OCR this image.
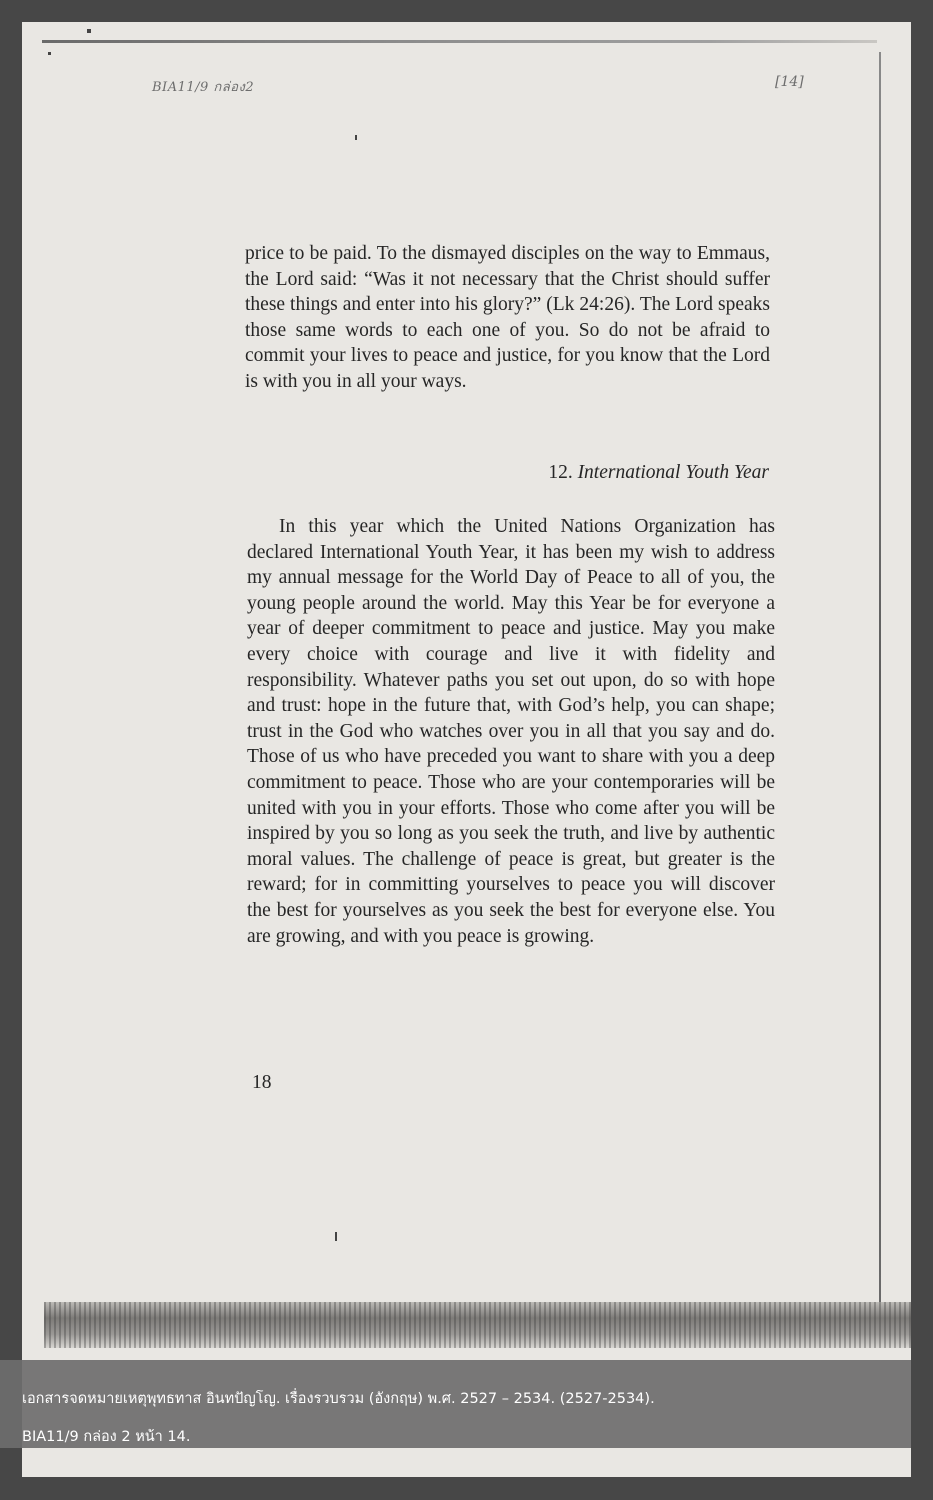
BIA11/9 กล่อง2	[14]

price to be paid. To the dismayed disciples on the way to Emmaus, the Lord said: “Was it not necessary that the Christ should suffer these things and enter into his glory?” (Lk 24:26). The Lord speaks those same words to each one of you. So do not be afraid to commit your lives to peace and justice, for you know that the Lord is with you in all your ways.

12. International Youth Year

In this year which the United Nations Organization has declared International Youth Year, it has been my wish to address my annual message for the World Day of Peace to all of you, the young people around the world. May this Year be for everyone a year of deeper commitment to peace and justice. May you make every choice with courage and live it with fidelity and responsibility. Whatever paths you set out upon, do so with hope and trust: hope in the future that, with God’s help, you can shape; trust in the God who watches over you in all that you say and do. Those of us who have preceded you want to share with you a deep commitment to peace. Those who are your contemporaries will be united with you in your efforts. Those who come after you will be inspired by you so long as you seek the truth, and live by authentic moral values. The challenge of peace is great, but greater is the reward; for in committing yourselves to peace you will discover the best for yourselves as you seek the best for everyone else. You are growing, and with you peace is growing.

18
เอกสารจดหมายเหตุพุทธทาส อินทปัญโญ. เรื่องรวบรวม (อังกฤษ) พ.ศ. 2527 – 2534. (2527-2534).
BIA11/9 กล่อง 2 หน้า 14.
